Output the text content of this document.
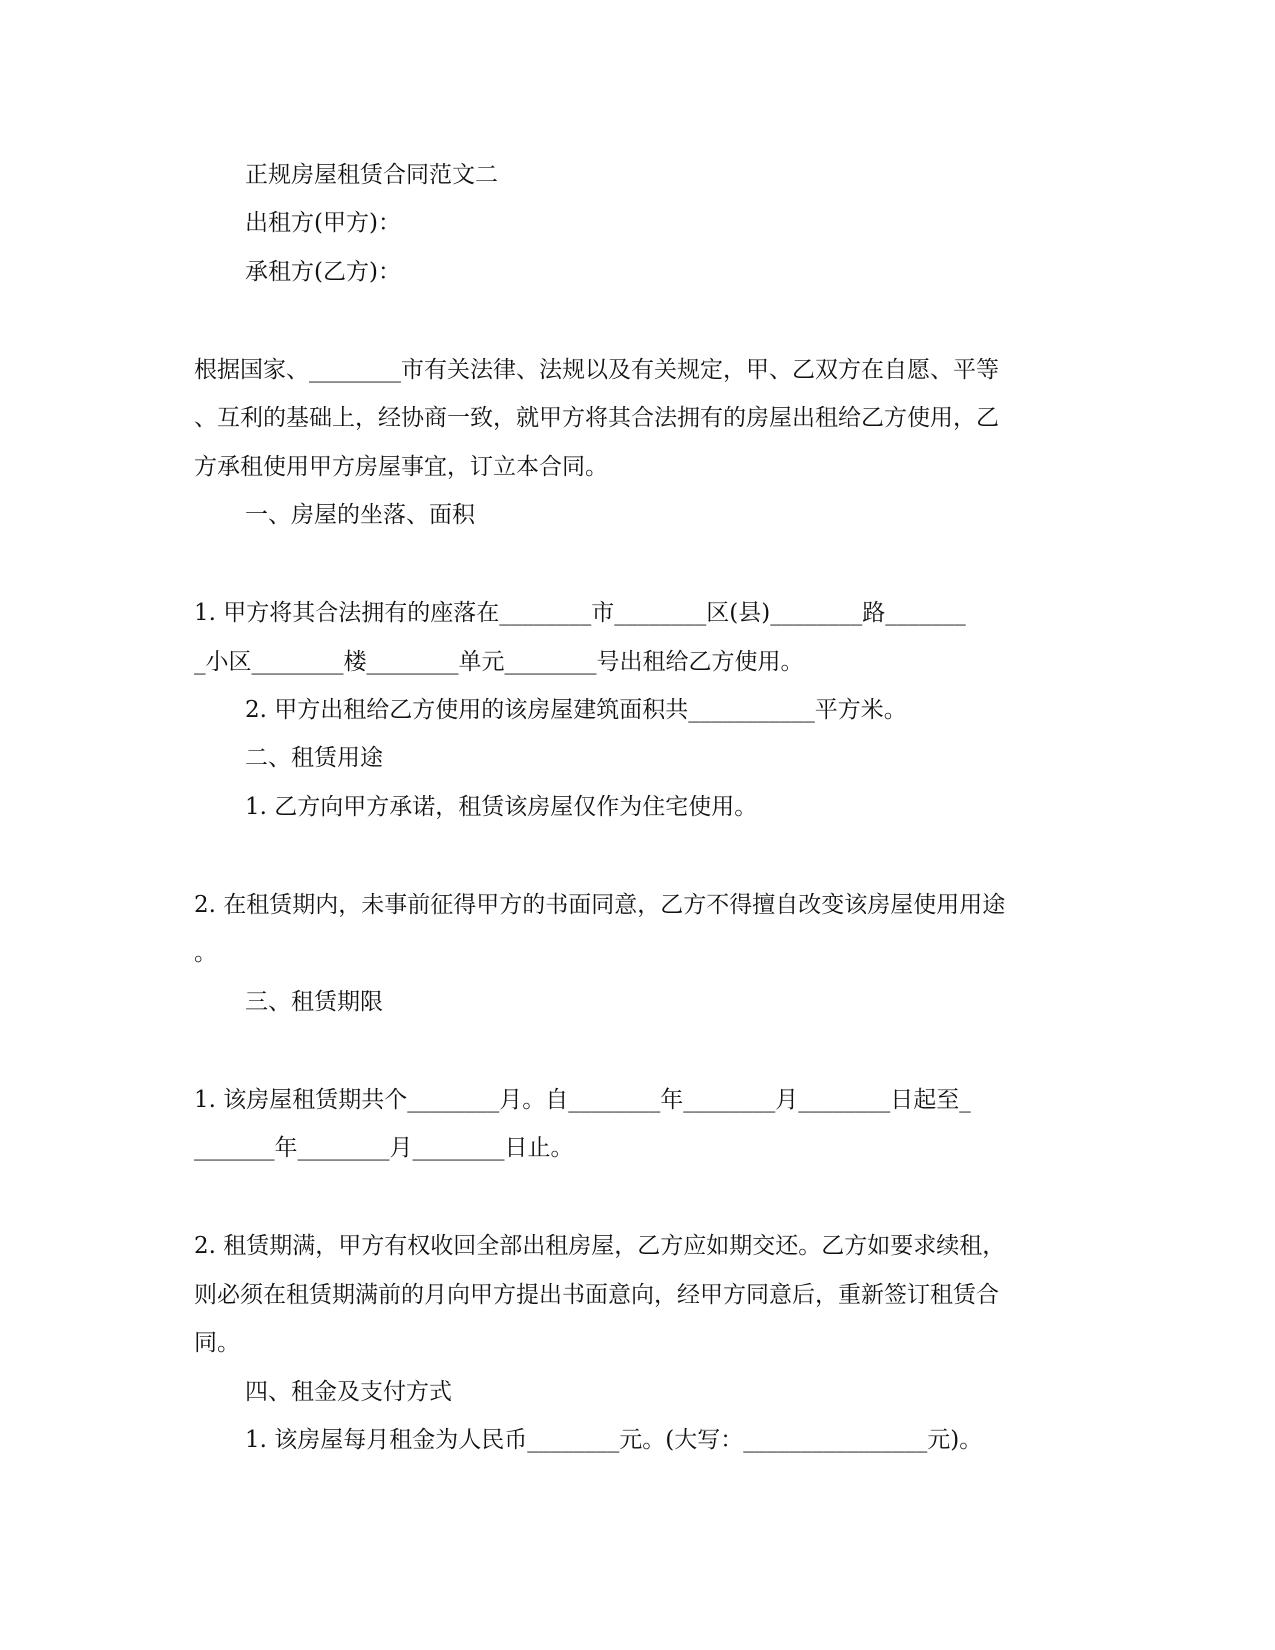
正规房屋租赁合同范文二
出租方(甲方)：
承租方(乙方)：
根据国家、________市有关法律、法规以及有关规定，甲、乙双方在自愿、平等
、互利的基础上，经协商一致，就甲方将其合法拥有的房屋出租给乙方使用，乙
方承租使用甲方房屋事宜，订立本合同。
一、房屋的坐落、面积
1. 甲方将其合法拥有的座落在________市________区(县)________路_______
_小区________楼________单元________号出租给乙方使用。
2. 甲方出租给乙方使用的该房屋建筑面积共___________平方米。
二、租赁用途
1. 乙方向甲方承诺，租赁该房屋仅作为住宅使用。
2. 在租赁期内，未事前征得甲方的书面同意，乙方不得擅自改变该房屋使用用途
。
三、租赁期限
1. 该房屋租赁期共个________月。自________年________月________日起至_
_______年________月________日止。
2. 租赁期满，甲方有权收回全部出租房屋，乙方应如期交还。乙方如要求续租，
则必须在租赁期满前的月向甲方提出书面意向，经甲方同意后，重新签订租赁合
同。
四、租金及支付方式
1. 该房屋每月租金为人民币________元。(大写：________________元)。
